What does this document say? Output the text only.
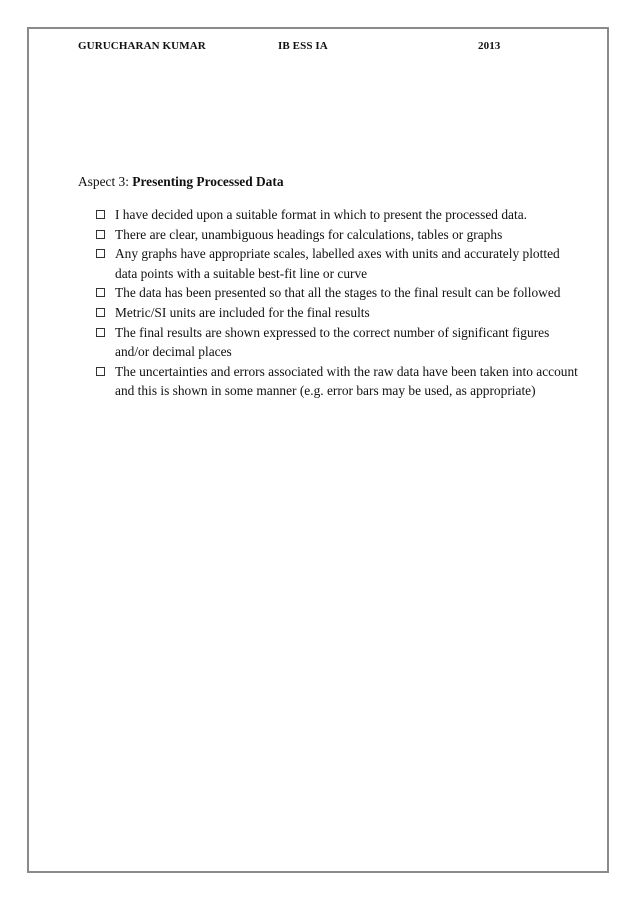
GURUCHARAN KUMAR	IB ESS IA	2013
Aspect 3: Presenting Processed Data
I have decided upon a suitable format in which to present the processed data.
There are clear, unambiguous headings for calculations, tables or graphs
Any graphs have appropriate scales, labelled axes with units and accurately plotted data points with a suitable best-fit line or curve
The data has been presented so that all the stages to the final result can be followed
Metric/SI units are included for the final results
The final results are shown expressed to the correct number of significant figures and/or decimal places
The uncertainties and errors associated with the raw data have been taken into account and this is shown in some manner (e.g. error bars may be used, as appropriate)
